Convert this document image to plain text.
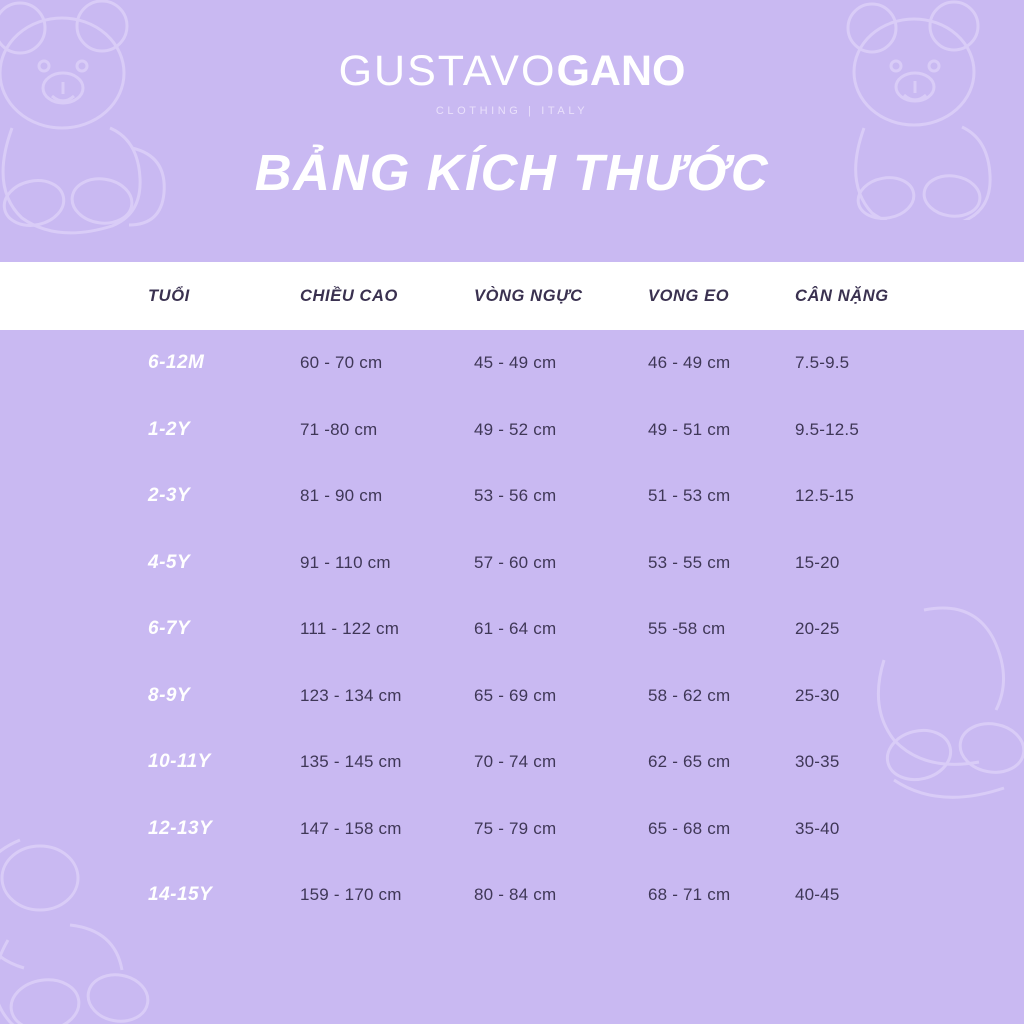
GUSTAVOGANO
CLOTHING | ITALY
BẢNG KÍCH THƯỚC
TUỔI	CHIỀU CAO	VÒNG NGỰC	VONG EO	CÂN NẶNG
6-12M	60 - 70 cm	45 - 49 cm	46 - 49 cm	7.5-9.5
1-2Y	71 -80 cm	49 - 52 cm	49 - 51 cm	9.5-12.5
2-3Y	81 - 90 cm	53 - 56 cm	51 - 53 cm	12.5-15
4-5Y	91 - 110 cm	57 - 60 cm	53 - 55 cm	15-20
6-7Y	111 - 122 cm	61 - 64 cm	55 -58 cm	20-25
8-9Y	123 - 134 cm	65 - 69 cm	58 - 62 cm	25-30
10-11Y	135 - 145 cm	70 - 74 cm	62 - 65 cm	30-35
12-13Y	147 - 158 cm	75 - 79 cm	65 - 68 cm	35-40
14-15Y	159 - 170 cm	80 - 84 cm	68 - 71 cm	40-45
